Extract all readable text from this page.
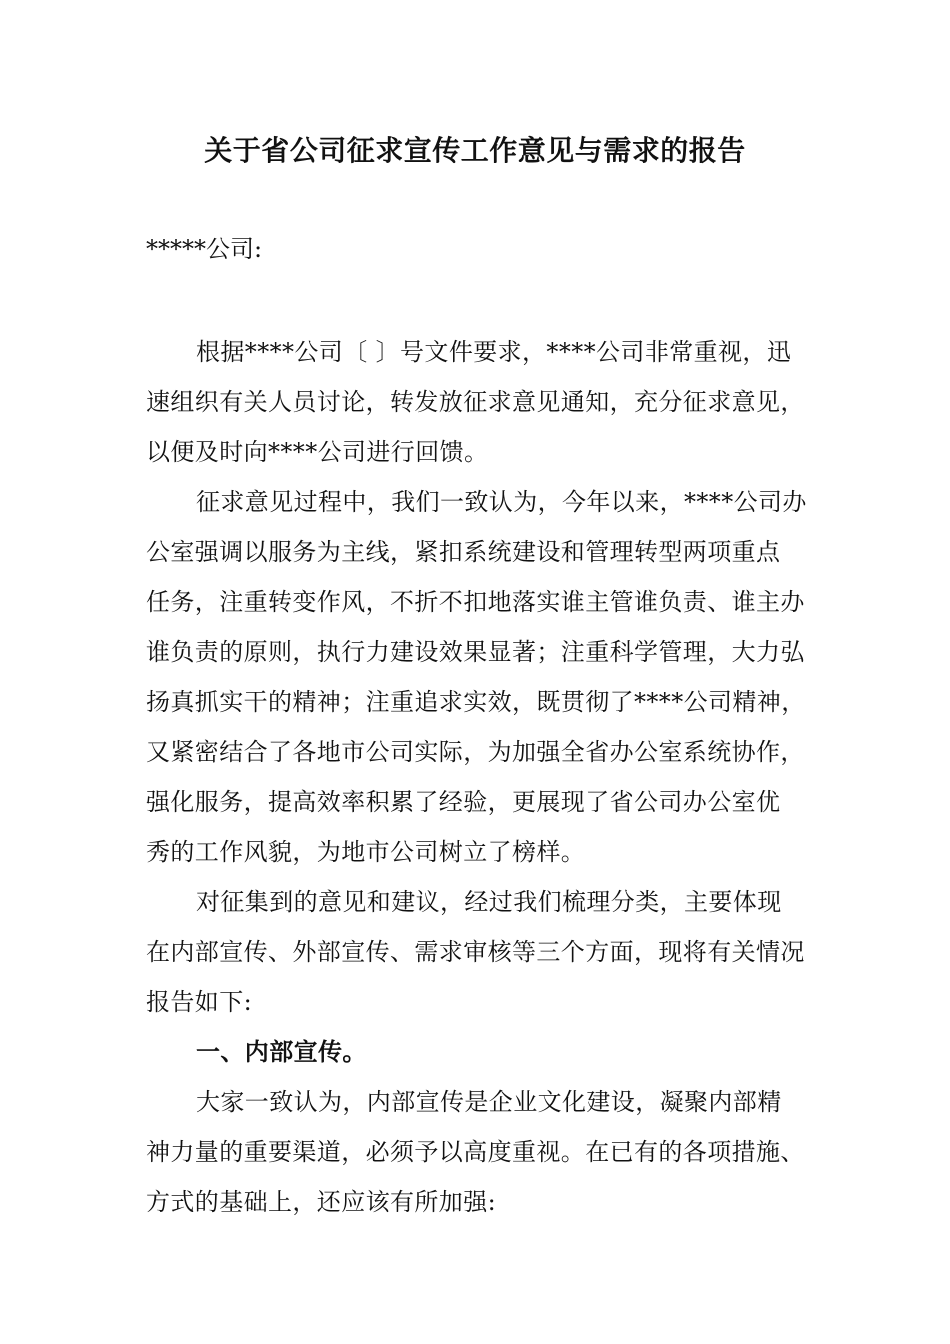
关于省公司征求宣传工作意见与需求的报告
*****公司:
根据****公司〔 〕号文件要求，****公司非常重视，迅
速组织有关人员讨论，转发放征求意见通知，充分征求意见，
以便及时向****公司进行回馈。
征求意见过程中，我们一致认为，今年以来，****公司办
公室强调以服务为主线，紧扣系统建设和管理转型两项重点
任务，注重转变作风，不折不扣地落实谁主管谁负责、谁主办
谁负责的原则，执行力建设效果显著；注重科学管理，大力弘
扬真抓实干的精神；注重追求实效，既贯彻了****公司精神，
又紧密结合了各地市公司实际，为加强全省办公室系统协作，
强化服务，提高效率积累了经验，更展现了省公司办公室优
秀的工作风貌，为地市公司树立了榜样。
对征集到的意见和建议，经过我们梳理分类，主要体现
在内部宣传、外部宣传、需求审核等三个方面，现将有关情况
报告如下:
一、内部宣传。
大家一致认为，内部宣传是企业文化建设，凝聚内部精
神力量的重要渠道，必须予以高度重视。在已有的各项措施、
方式的基础上，还应该有所加强:
